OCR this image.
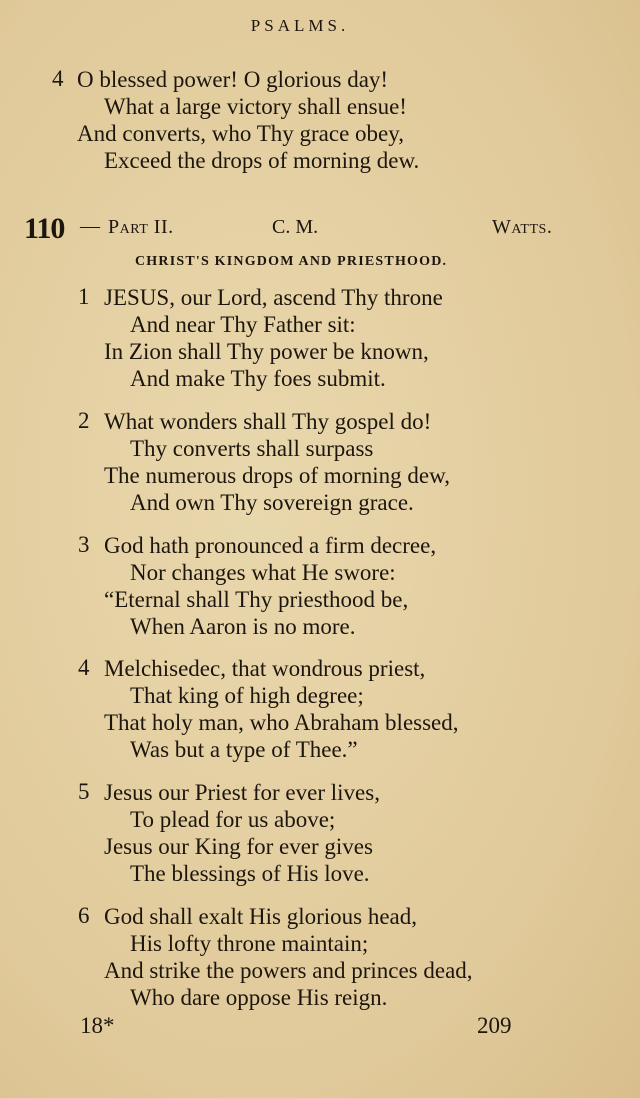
PSALMS.
4 O blessed power! O glorious day!
What a large victory shall ensue!
And converts, who Thy grace obey,
Exceed the drops of morning dew.
110 — Part II.	C. M.	Watts.
CHRIST'S KINGDOM AND PRIESTHOOD.
1 JESUS, our Lord, ascend Thy throne
And near Thy Father sit:
In Zion shall Thy power be known,
And make Thy foes submit.
2 What wonders shall Thy gospel do!
Thy converts shall surpass
The numerous drops of morning dew,
And own Thy sovereign grace.
3 God hath pronounced a firm decree,
Nor changes what He swore:
“Eternal shall Thy priesthood be,
When Aaron is no more.
4 Melchisedec, that wondrous priest,
That king of high degree;
That holy man, who Abraham blessed,
Was but a type of Thee.”
5 Jesus our Priest for ever lives,
To plead for us above;
Jesus our King for ever gives
The blessings of His love.
6 God shall exalt His glorious head,
His lofty throne maintain;
And strike the powers and princes dead,
Who dare oppose His reign.
18*	209
